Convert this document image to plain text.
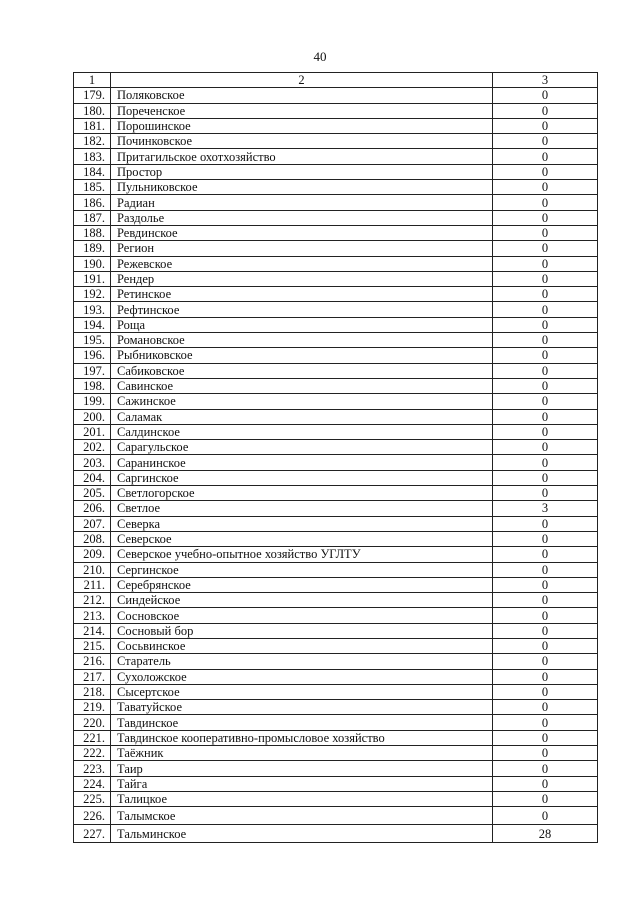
40
1	2	3
179.	Поляковское	0
180.	Пореченское	0
181.	Порошинское	0
182.	Починковское	0
183.	Притагильское охотхозяйство	0
184.	Простор	0
185.	Пульниковское	0
186.	Радиан	0
187.	Раздолье	0
188.	Ревдинское	0
189.	Регион	0
190.	Режевское	0
191.	Рендер	0
192.	Ретинское	0
193.	Рефтинское	0
194.	Роща	0
195.	Романовское	0
196.	Рыбниковское	0
197.	Сабиковское	0
198.	Савинское	0
199.	Сажинское	0
200.	Саламак	0
201.	Салдинское	0
202.	Сарагульское	0
203.	Саранинское	0
204.	Саргинское	0
205.	Светлогорское	0
206.	Светлое	3
207.	Северка	0
208.	Северское	0
209.	Северское учебно-опытное хозяйство УГЛТУ	0
210.	Сергинское	0
211.	Серебрянское	0
212.	Синдейское	0
213.	Сосновское	0
214.	Сосновый бор	0
215.	Сосьвинское	0
216.	Старатель	0
217.	Сухоложское	0
218.	Сысертское	0
219.	Таватуйское	0
220.	Тавдинское	0
221.	Тавдинское кооперативно-промысловое хозяйство	0
222.	Таёжник	0
223.	Таир	0
224.	Тайга	0
225.	Талицкое	0
226.	Талымское	0
227.	Тальминское	28
